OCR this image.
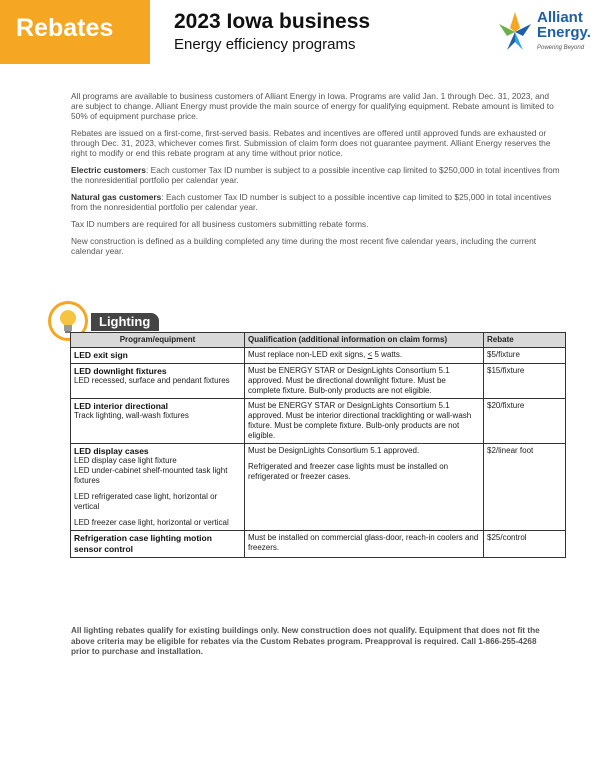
Rebates	2023 Iowa business
Energy efficiency programs
Alliant
Energy.
Powering Beyond

All programs are available to business customers of Alliant Energy in Iowa. Programs are valid Jan. 1 through Dec. 31, 2023, and are subject to change. Alliant Energy must provide the main source of energy for qualifying equipment. Rebate amount is limited to 50% of equipment purchase price.

Rebates are issued on a first-come, first-served basis. Rebates and incentives are offered until approved funds are exhausted or through Dec. 31, 2023, whichever comes first. Submission of claim form does not guarantee payment. Alliant Energy reserves the right to modify or end this rebate program at any time without prior notice.

Electric customers: Each customer Tax ID number is subject to a possible incentive cap limited to $250,000 in total incentives from the nonresidential portfolio per calendar year.

Natural gas customers: Each customer Tax ID number is subject to a possible incentive cap limited to $25,000 in total incentives from the nonresidential portfolio per calendar year.

Tax ID numbers are required for all business customers submitting rebate forms.

New construction is defined as a building completed any time during the most recent five calendar years, including the current calendar year.

Lighting
Program/equipment	Qualification (additional information on claim forms)	Rebate
LED exit sign	Must replace non-LED exit signs, < 5 watts.	$5/fixture

LED downlight fixtures
LED recessed, surface and pendant fixtures	Must be ENERGY STAR or DesignLights Consortium 5.1 approved. Must be directional downlight fixture. Must be complete fixture. Bulb-only products are not eligible.	$15/fixture

LED interior directional
Track lighting, wall-wash fixtures	Must be ENERGY STAR or DesignLights Consortium 5.1 approved. Must be interior directional tracklighting or wall-wash fixture. Must be complete fixture. Bulb-only products are not eligible.	$20/fixture

LED display cases
LED display case light fixture
LED under-cabinet shelf-mounted task light fixtures
LED refrigerated case light, horizontal or vertical
LED freezer case light, horizontal or vertical	Must be DesignLights Consortium 5.1 approved.
Refrigerated and freezer case lights must be installed on refrigerated or freezer cases.	$2/linear foot
Refrigeration case lighting motion sensor control	Must be installed on commercial glass-door, reach-in coolers and freezers.	$25/control
All lighting rebates qualify for existing buildings only. New construction does not qualify. Equipment that does not fit the above criteria may be eligible for rebates via the Custom Rebates program. Preapproval is required. Call 1-866-255-4268 prior to purchase and installation.
